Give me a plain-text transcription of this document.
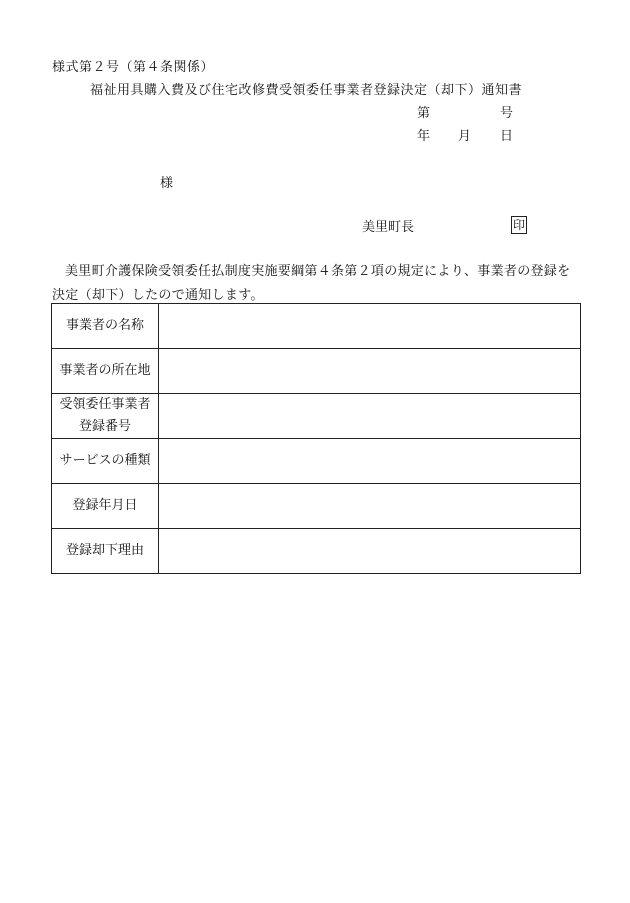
様式第２号（第４条関係）
福祉用具購入費及び住宅改修費受領委任事業者登録決定（却下）通知書
第	号
年 月 日
様
美里町長	印
美里町介護保険受領委任払制度実施要綱第４条第２項の規定により、事業者の登録を決定（却下）したので通知します。
事業者の名称	
事業者の所在地	

受領委任事業者
登録番号	

サービスの種類	
登録年月日	
登録却下理由	
